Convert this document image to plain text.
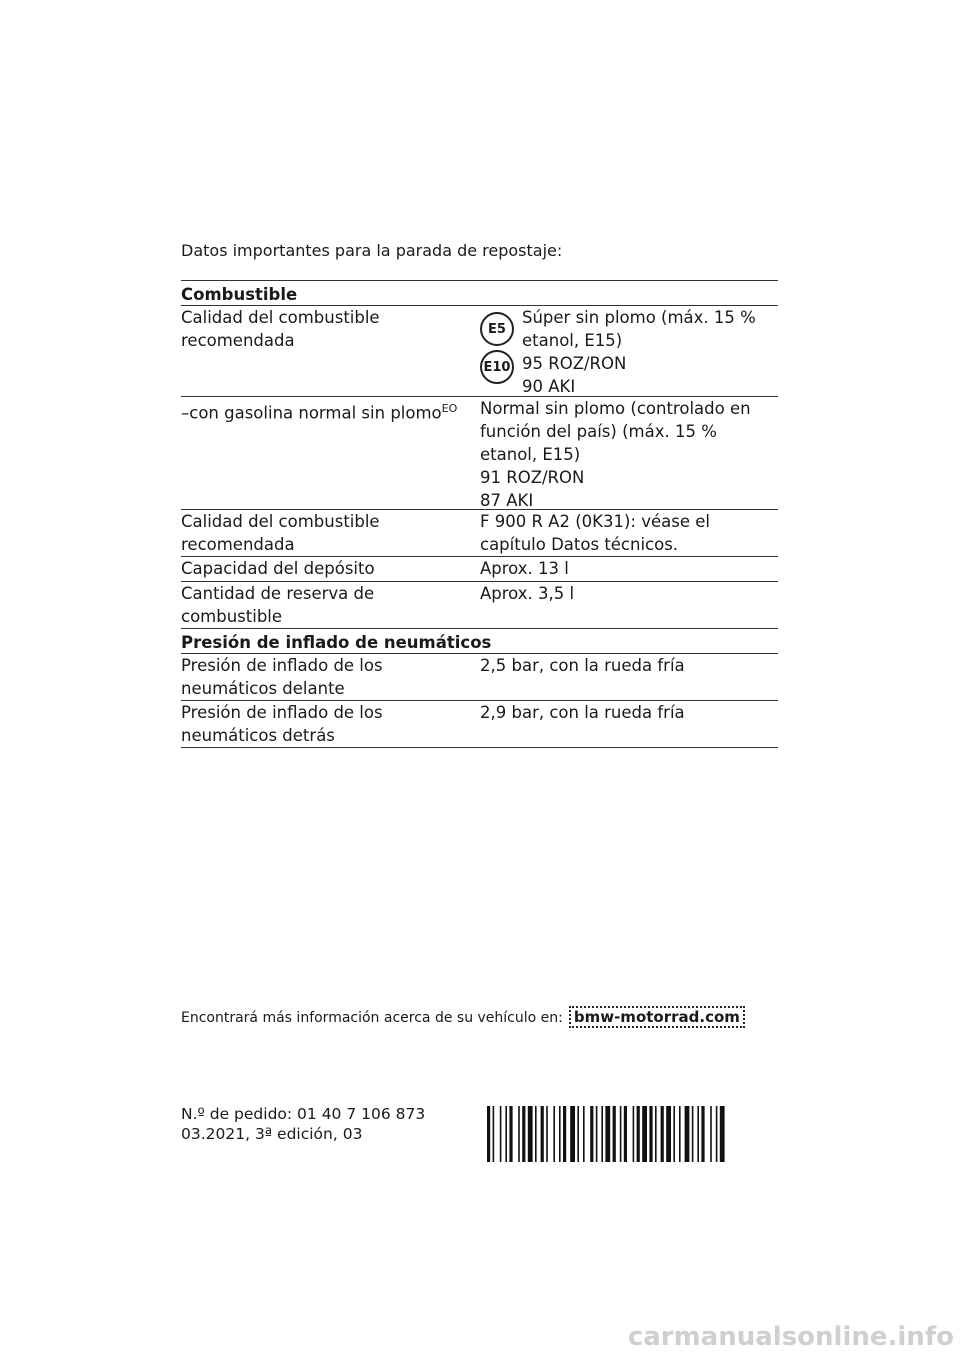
Datos importantes para la parada de repostaje:
Combustible
Calidad del combustible recomendada
E5
E10
Súper sin plomo (máx. 15 % etanol, E15)
95 ROZ/RON
90 AKI
–con gasolina normal sin plomo$^{EO}$	Normal sin plomo (controlado en función del país) (máx. 15 % etanol, E15)
91 ROZ/RON
87 AKI
Calidad del combustible recomendada
F 900 R A2 (0K31): véase el capítulo Datos técnicos.
Capacidad del depósito	Aprox. 13 l
Cantidad de reserva de combustible
Aprox. 3,5 l
Presión de inflado de neumáticos
Presión de inflado de los neumáticos delante
2,5 bar, con la rueda fría
Presión de inflado de los neumáticos detrás
2,9 bar, con la rueda fría
Encontrará más información acerca de su vehículo en: bmw-motorrad.com
N.º de pedido: 01 40 7 106 873
03.2021, 3ª edición, 03
carmanualsonline.info
